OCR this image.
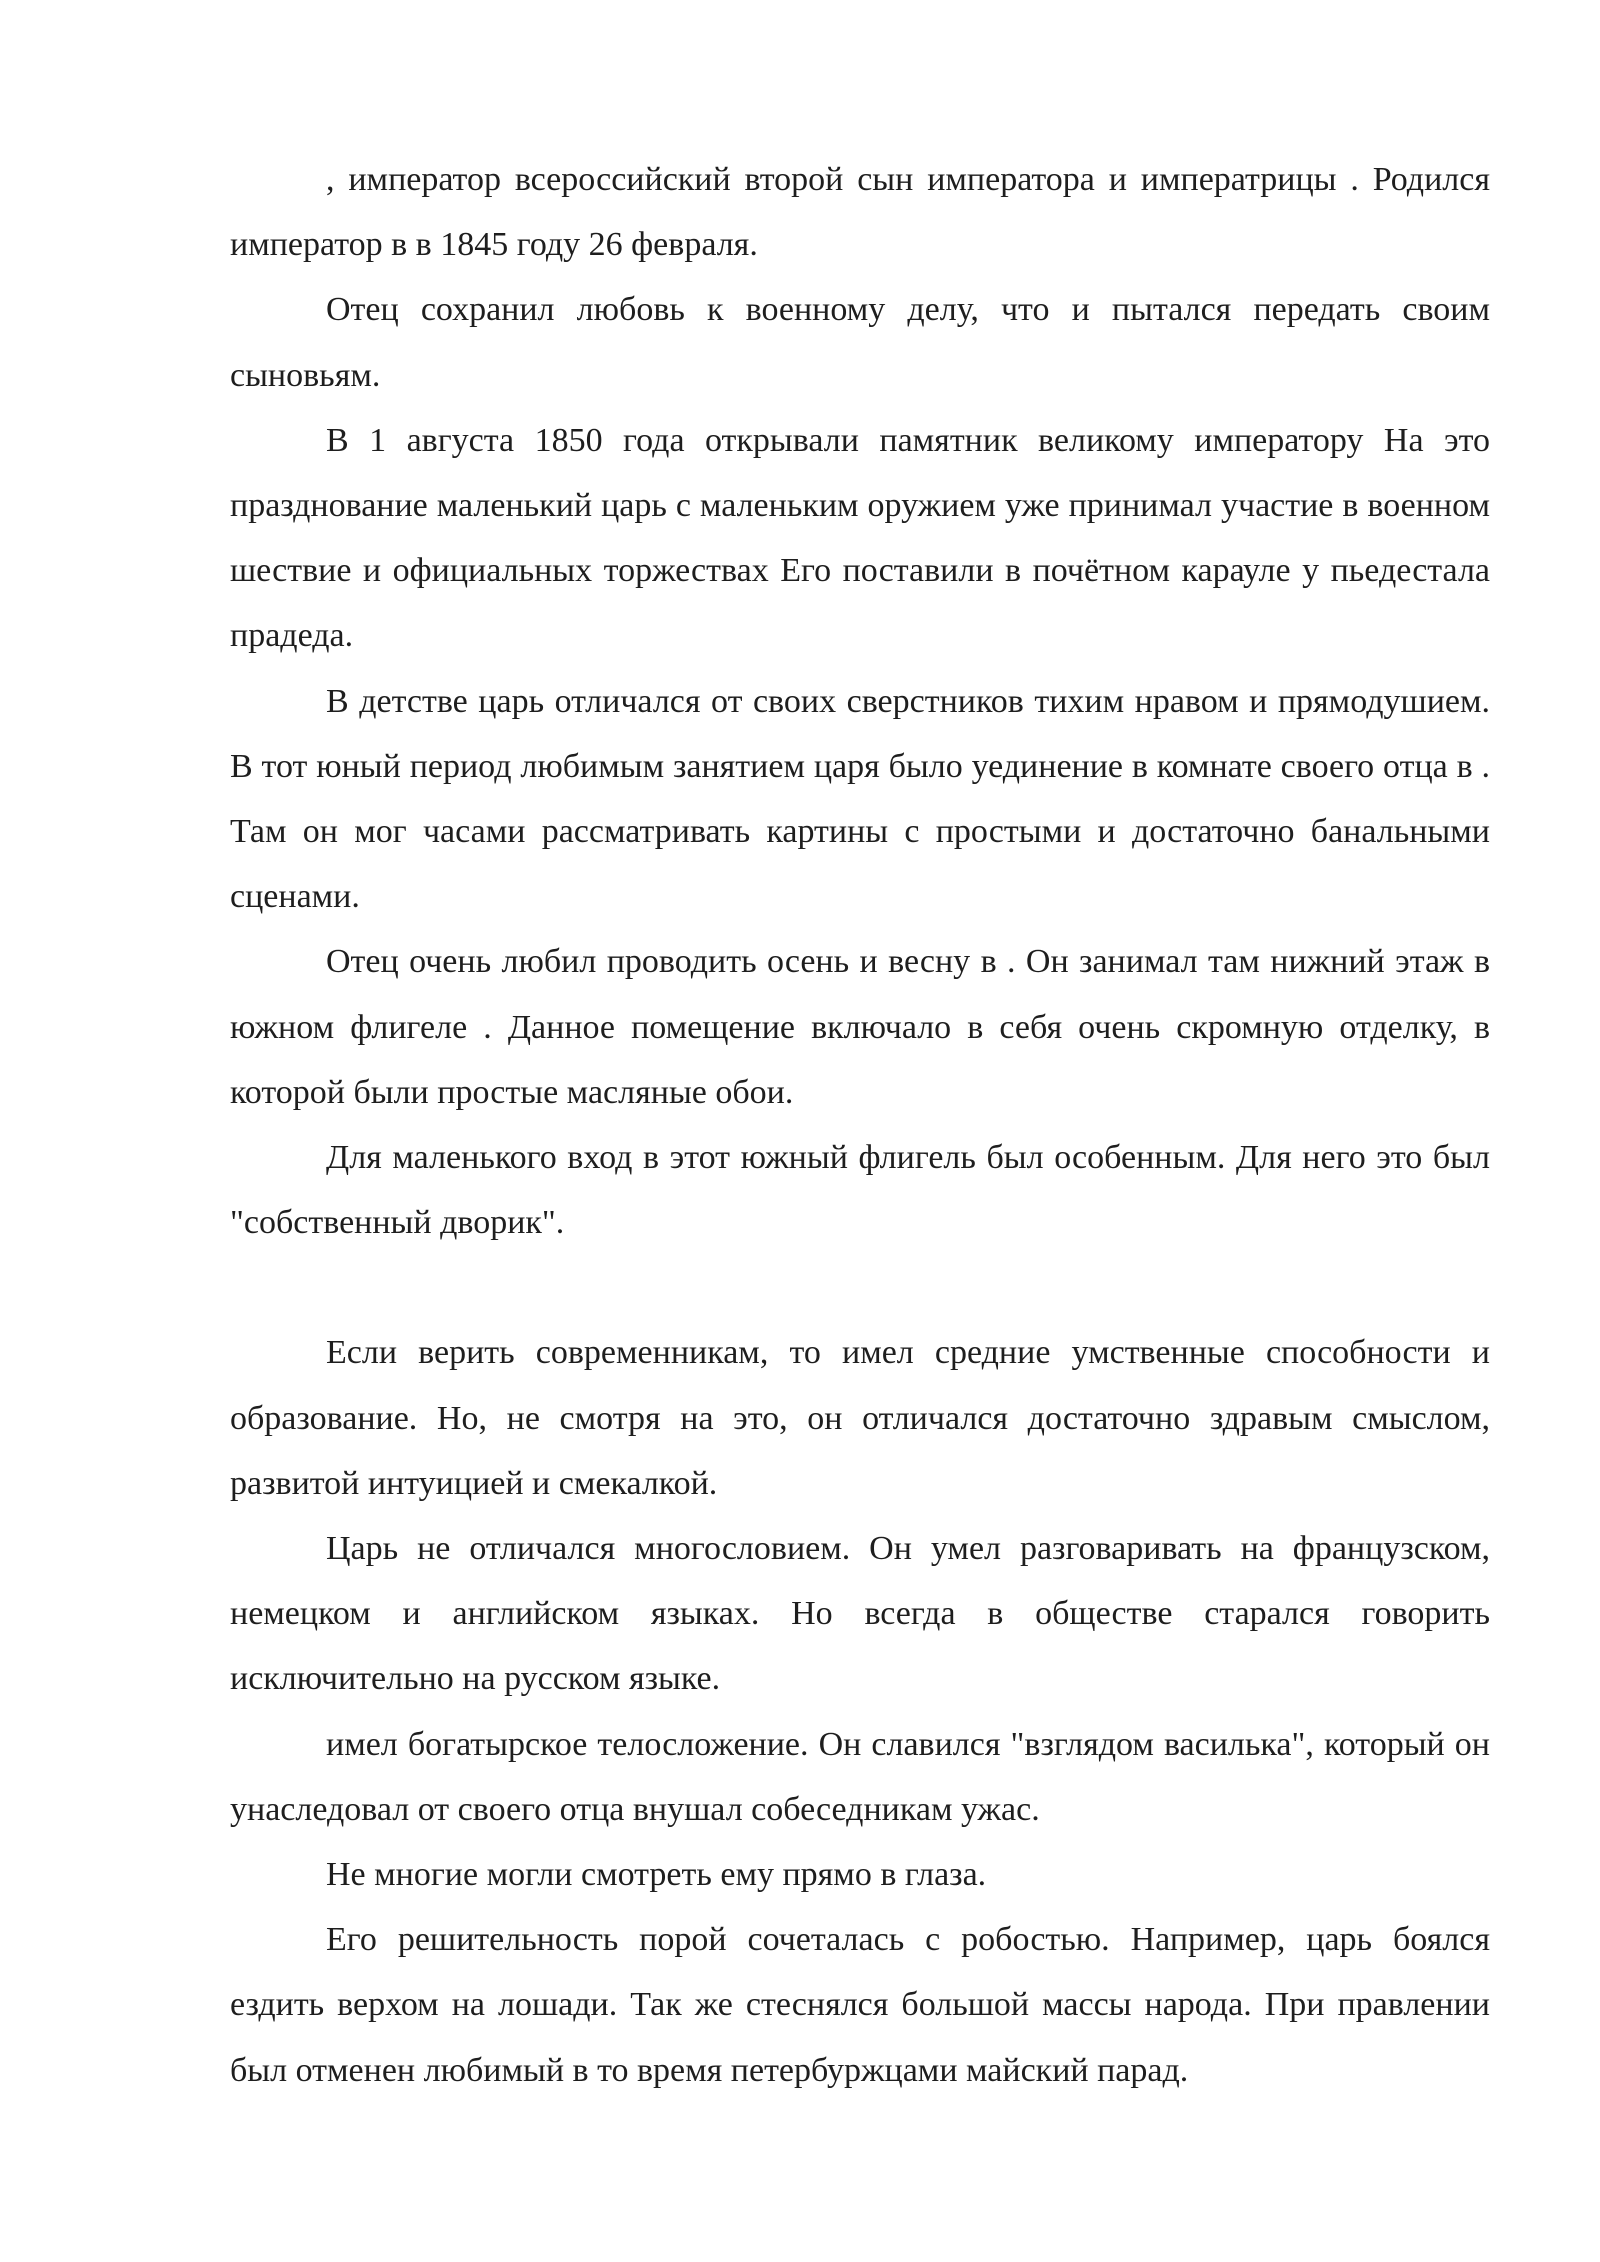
, император всероссийский второй сын императора и императрицы . Родился император в в 1845 году 26 февраля.

Отец сохранил любовь к военному делу, что и пытался передать своим сыновьям.

В 1 августа 1850 года открывали памятник великому императору На это празднование маленький царь с маленьким оружием уже принимал участие в военном шествие и официальных торжествах Его поставили в почётном карауле у пьедестала прадеда.

В детстве царь отличался от своих сверстников тихим нравом и прямодушием. В тот юный период любимым занятием царя было уединение в комнате своего отца в . Там он мог часами рассматривать картины с простыми и достаточно банальными сценами.

Отец очень любил проводить осень и весну в . Он занимал там нижний этаж в южном флигеле . Данное помещение включало в себя очень скромную отделку, в которой были простые масляные обои.

Для маленького вход в этот южный флигель был особенным. Для него это был "собственный дворик".

Если верить современникам, то имел средние умственные способности и образование. Но, не смотря на это, он отличался достаточно здравым смыслом, развитой интуицией и смекалкой.

Царь не отличался многословием. Он умел разговаривать на французском, немецком и английском языках. Но всегда в обществе старался говорить исключительно на русском языке.

имел богатырское телосложение. Он славился "взглядом василька", который он унаследовал от своего отца внушал собеседникам ужас.

Не многие могли смотреть ему прямо в глаза.

Его решительность порой сочеталась с робостью. Например, царь боялся ездить верхом на лошади. Так же стеснялся большой массы народа. При правлении был отменен любимый в то время петербуржцами майский парад.
